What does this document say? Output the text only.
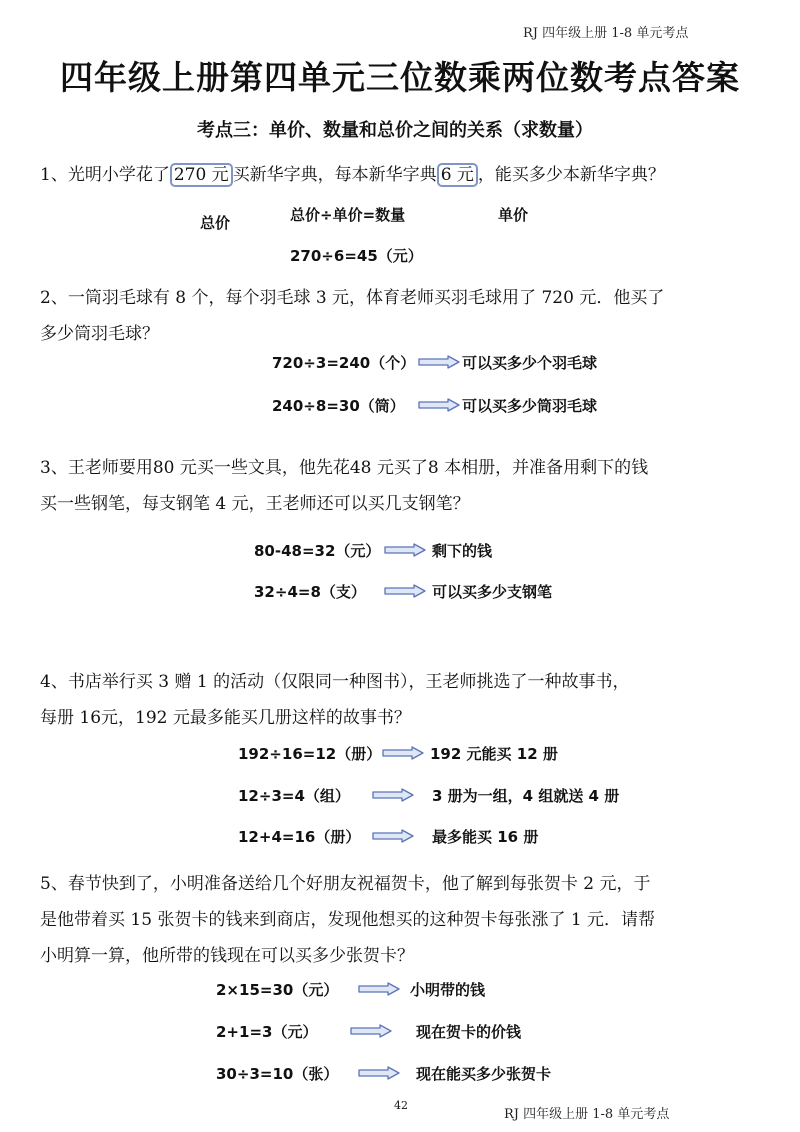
RJ 四年级上册 1-8 单元考点
四年级上册第四单元三位数乘两位数考点答案
考点三：单价、数量和总价之间的关系（求数量）
1、光明小学花了 270 元 买新华字典，每本新华字典 6 元 ，能买多少本新华字典？
总价	总价÷单价=数量	单价
270÷6=45（元）
2、一筒羽毛球有 8 个，每个羽毛球 3 元，体育老师买羽毛球用了 720 元．他买了
多少筒羽毛球？
720÷3=240（个）	可以买多少个羽毛球
240÷8=30（筒）	可以买多少筒羽毛球
3、王老师要用80 元买一些文具，他先花48 元买了8 本相册，并准备用剩下的钱
买一些钢笔，每支钢笔 4 元，王老师还可以买几支钢笔？
80-48=32（元）	剩下的钱
32÷4=8（支）	可以买多少支钢笔
4、书店举行买 3 赠 1 的活动（仅限同一种图书），王老师挑选了一种故事书，
每册 16元，192 元最多能买几册这样的故事书？
192÷16=12（册）	192 元能买 12 册
12÷3=4（组）	3 册为一组，4 组就送 4 册
12+4=16（册）	最多能买 16 册
5、春节快到了，小明准备送给几个好朋友祝福贺卡，他了解到每张贺卡 2 元，于
是他带着买 15 张贺卡的钱来到商店，发现他想买的这种贺卡每张涨了 1 元．请帮
小明算一算，他所带的钱现在可以买多少张贺卡？
2×15=30（元）	小明带的钱
2+1=3（元）	现在贺卡的价钱
30÷3=10（张）	现在能买多少张贺卡
42
RJ 四年级上册 1-8 单元考点
